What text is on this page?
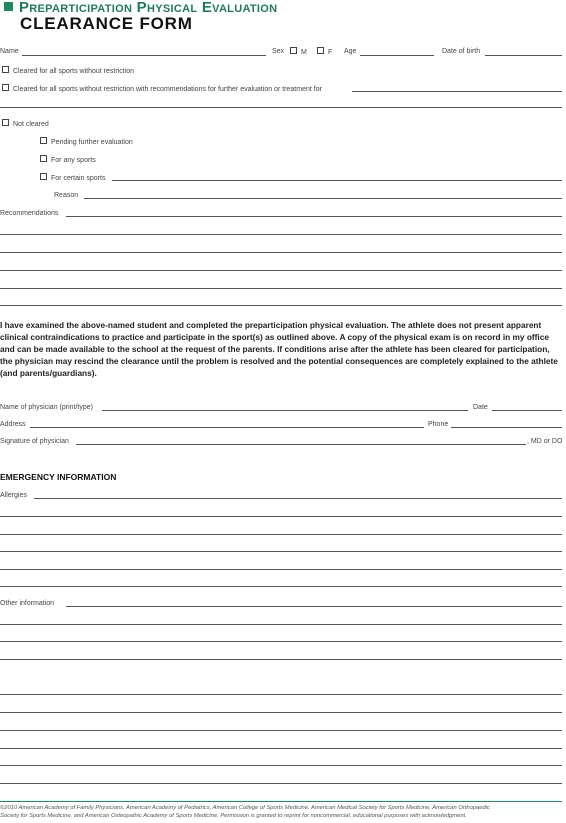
Preparticipation Physical Evaluation
CLEARANCE FORM
Name	Sex	M	F Age	Date of birth
Cleared for all sports without restriction
Cleared for all sports without restriction with recommendations for further evaluation or treatment for
Not cleared
Pending further evaluation
For any sports
For certain sports
Reason
Recommendations

I have examined the above-named student and completed the preparticipation physical evaluation. The athlete does not present apparent clinical contraindications to practice and participate in the sport(s) as outlined above. A copy of the physical exam is on record in my office and can be made available to the school at the request of the parents. If conditions arise after the athlete has been cleared for participation, the physician may rescind the clearance until the problem is resolved and the potential consequences are completely explained to the athlete (and parents/guardians).

Name of physician (print/type)	Date
Address	Phone
Signature of physician	, MD or DO
EMERGENCY INFORMATION
Allergies
Other information
©2010 American Academy of Family Physicians, American Academy of Pediatrics, American College of Sports Medicine, American Medical Society for Sports Medicine, American Orthopaedic
Society for Sports Medicine, and American Osteopathic Academy of Sports Medicine. Permission is granted to reprint for noncommercial, educational purposes with acknowledgment.
